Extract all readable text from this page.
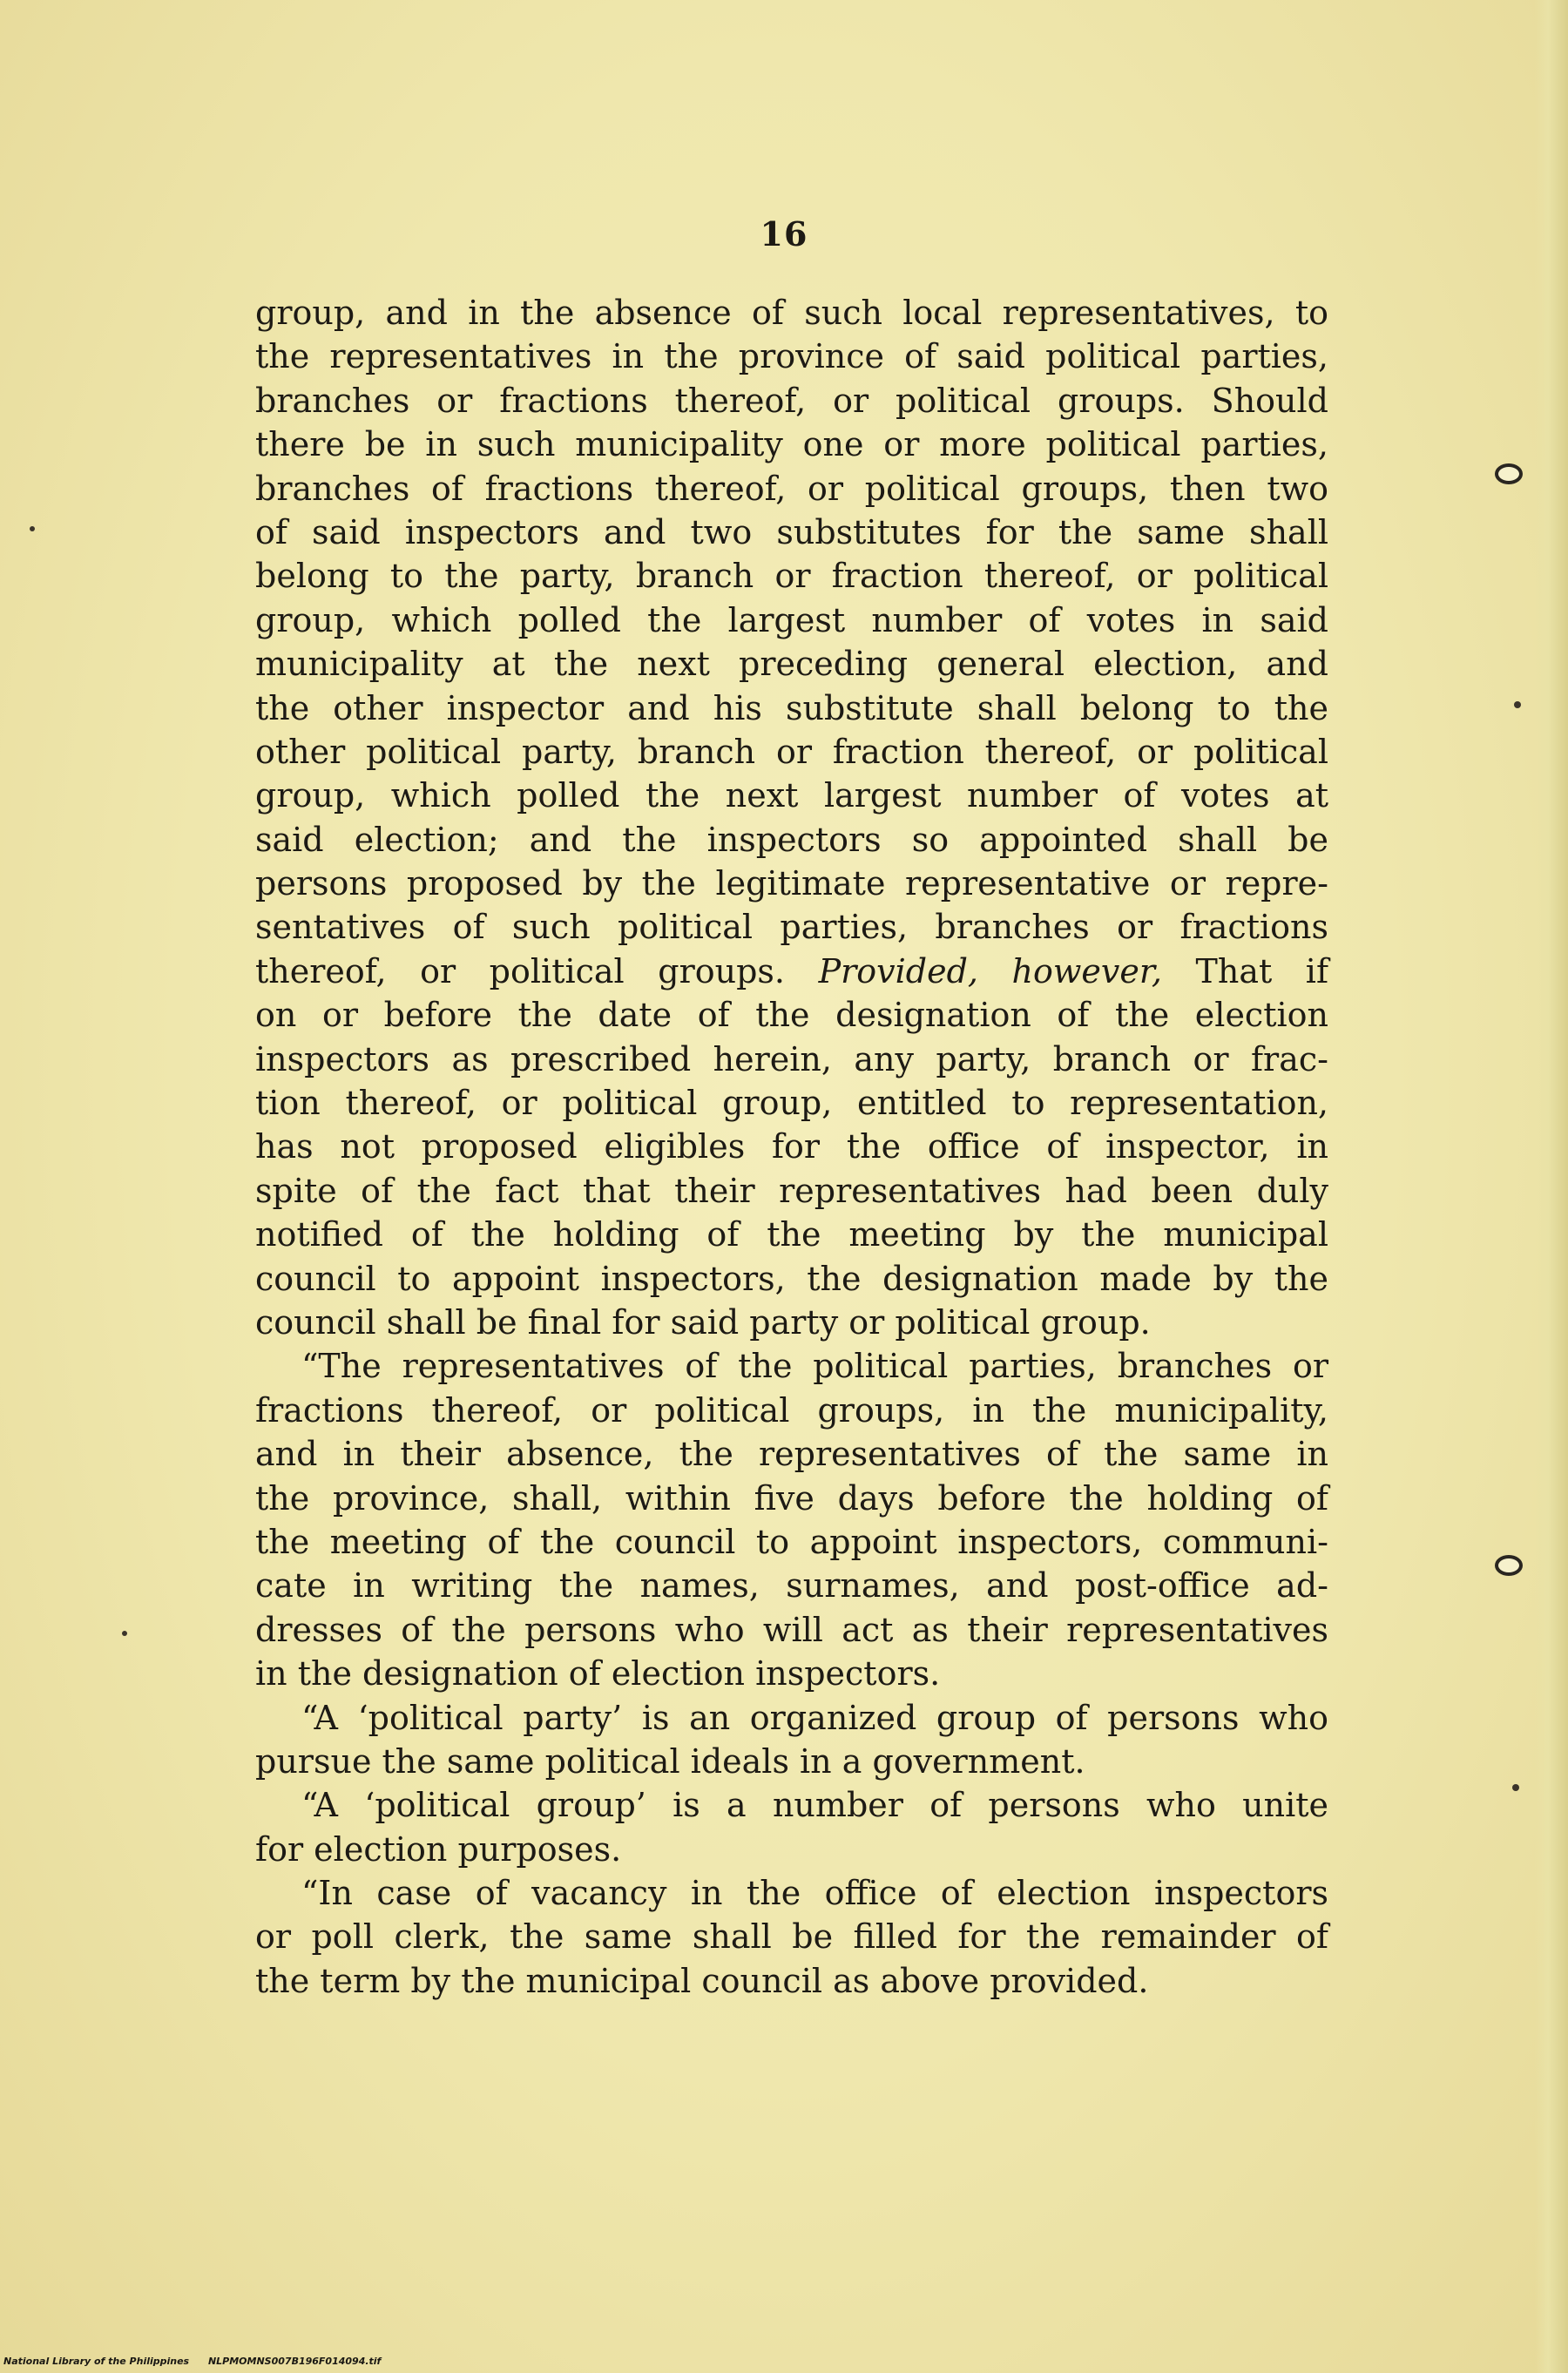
16
group, and in the absence of such local representatives, to
the representatives in the province of said political parties,
branches or fractions thereof, or political groups. Should
there be in such municipality one or more political parties,
branches of fractions thereof, or political groups, then two
of said inspectors and two substitutes for the same shall
belong to the party, branch or fraction thereof, or political
group, which polled the largest number of votes in said
municipality at the next preceding general election, and
the other inspector and his substitute shall belong to the
other political party, branch or fraction thereof, or political
group, which polled the next largest number of votes at
said election; and the inspectors so appointed shall be
persons proposed by the legitimate representative or repre-
sentatives of such political parties, branches or fractions
thereof, or political groups. Provided, however, That if
on or before the date of the designation of the election
inspectors as prescribed herein, any party, branch or frac-
tion thereof, or political group, entitled to representation,
has not proposed eligibles for the office of inspector, in
spite of the fact that their representatives had been duly
notified of the holding of the meeting by the municipal
council to appoint inspectors, the designation made by the
council shall be final for said party or political group.
“The representatives of the political parties, branches or
fractions thereof, or political groups, in the municipality,
and in their absence, the representatives of the same in
the province, shall, within five days before the holding of
the meeting of the council to appoint inspectors, communi-
cate in writing the names, surnames, and post-office ad-
dresses of the persons who will act as their representatives
in the designation of election inspectors.
“A ‘political party’ is an organized group of persons who
pursue the same political ideals in a government.
“A ‘political group’ is a number of persons who unite
for election purposes.
“In case of vacancy in the office of election inspectors
or poll clerk, the same shall be filled for the remainder of
the term by the municipal council as above provided.
National Library of the Philippines NLPMOMNS007B196F014094.tif
